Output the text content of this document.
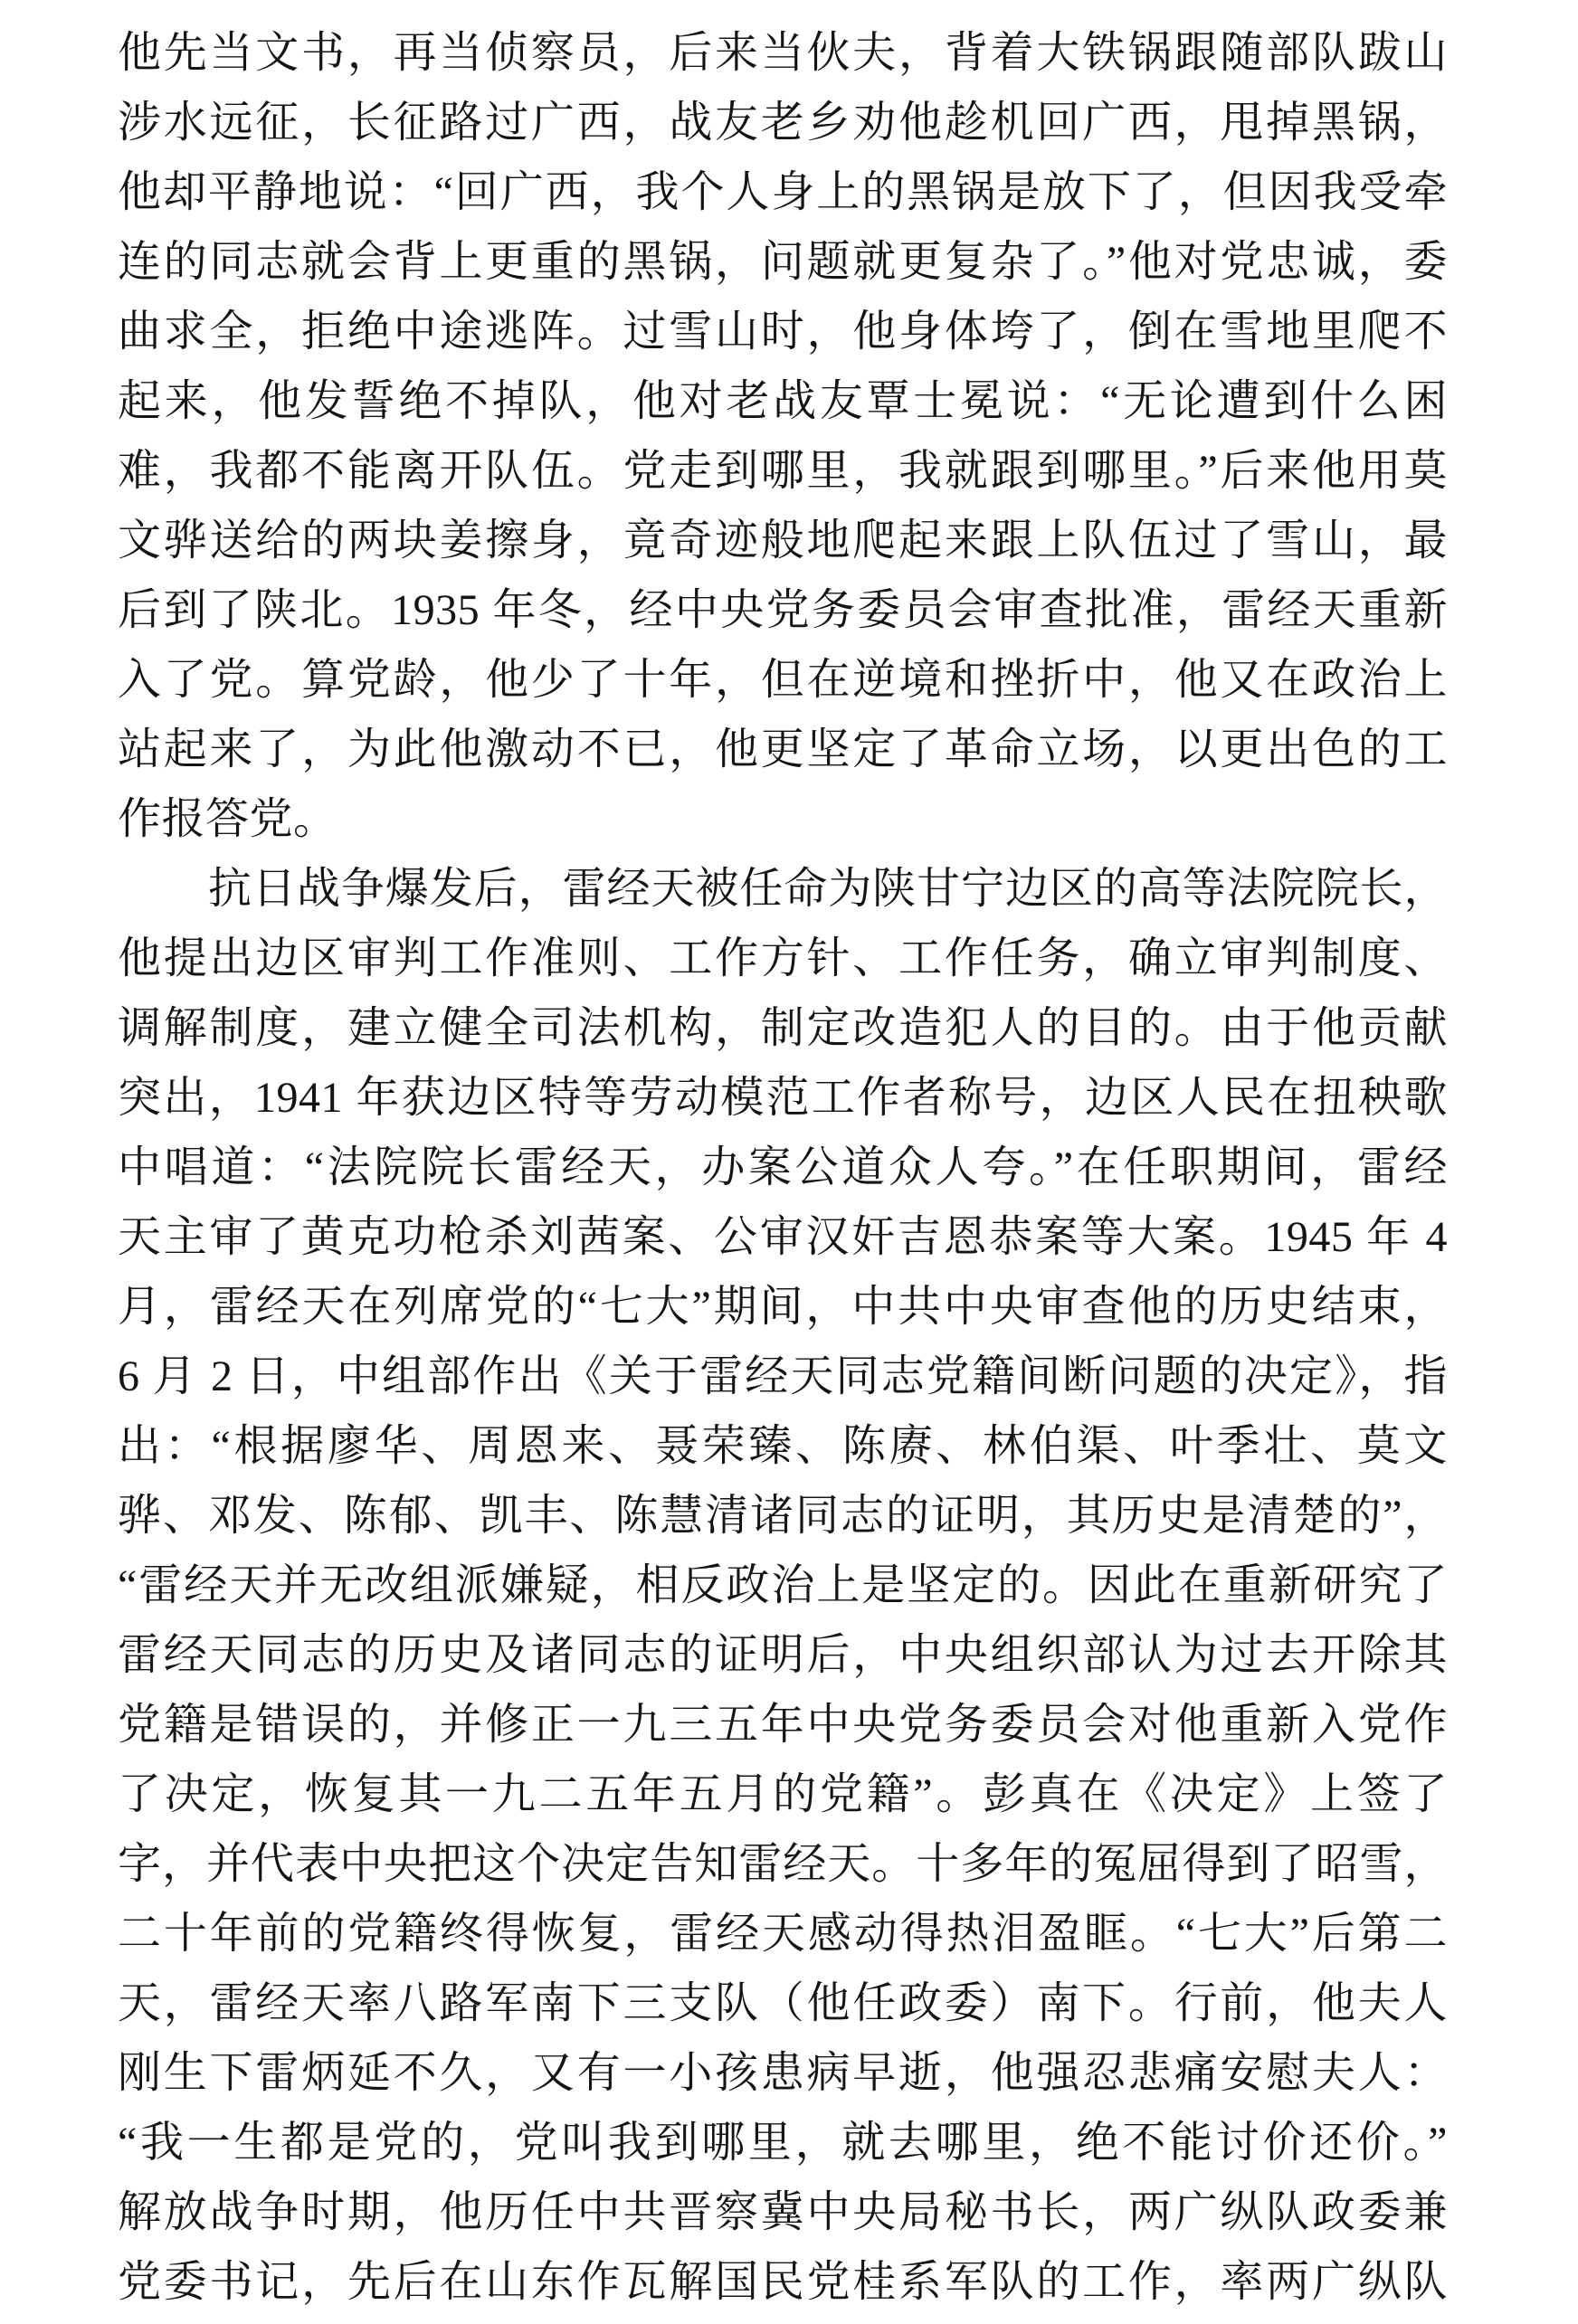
他先当文书，再当侦察员，后来当伙夫，背着大铁锅跟随部队跋山
涉水远征，长征路过广西，战友老乡劝他趁机回广西，甩掉黑锅，
他却平静地说：“回广西，我个人身上的黑锅是放下了，但因我受牵
连的同志就会背上更重的黑锅，问题就更复杂了。”他对党忠诚，委
曲求全，拒绝中途逃阵。过雪山时，他身体垮了，倒在雪地里爬不
起来，他发誓绝不掉队，他对老战友覃士冕说：“无论遭到什么困
难，我都不能离开队伍。党走到哪里，我就跟到哪里。”后来他用莫
文骅送给的两块姜擦身，竟奇迹般地爬起来跟上队伍过了雪山，最
后到了陕北。1935 年冬，经中央党务委员会审查批准，雷经天重新
入了党。算党龄，他少了十年，但在逆境和挫折中，他又在政治上
站起来了，为此他激动不已，他更坚定了革命立场，以更出色的工
作报答党。
抗日战争爆发后，雷经天被任命为陕甘宁边区的高等法院院长，
他提出边区审判工作准则、工作方针、工作任务，确立审判制度、
调解制度，建立健全司法机构，制定改造犯人的目的。由于他贡献
突出，1941 年获边区特等劳动模范工作者称号，边区人民在扭秧歌
中唱道：“法院院长雷经天，办案公道众人夸。”在任职期间，雷经
天主审了黄克功枪杀刘茜案、公审汉奸吉恩恭案等大案。1945 年 4
月，雷经天在列席党的“七大”期间，中共中央审查他的历史结束，
6 月 2 日，中组部作出《关于雷经天同志党籍间断问题的决定》，指
出：“根据廖华、周恩来、聂荣臻、陈赓、林伯渠、叶季壮、莫文
骅、邓发、陈郁、凯丰、陈慧清诸同志的证明，其历史是清楚的”，
“雷经天并无改组派嫌疑，相反政治上是坚定的。因此在重新研究了
雷经天同志的历史及诸同志的证明后，中央组织部认为过去开除其
党籍是错误的，并修正一九三五年中央党务委员会对他重新入党作
了决定，恢复其一九二五年五月的党籍”。彭真在《决定》上签了
字，并代表中央把这个决定告知雷经天。十多年的冤屈得到了昭雪，
二十年前的党籍终得恢复，雷经天感动得热泪盈眶。“七大”后第二
天，雷经天率八路军南下三支队（他任政委）南下。行前，他夫人
刚生下雷炳延不久，又有一小孩患病早逝，他强忍悲痛安慰夫人：
“我一生都是党的，党叫我到哪里，就去哪里，绝不能讨价还价。”
解放战争时期，他历任中共晋察冀中央局秘书长，两广纵队政委兼
党委书记，先后在山东作瓦解国民党桂系军队的工作，率两广纵队
